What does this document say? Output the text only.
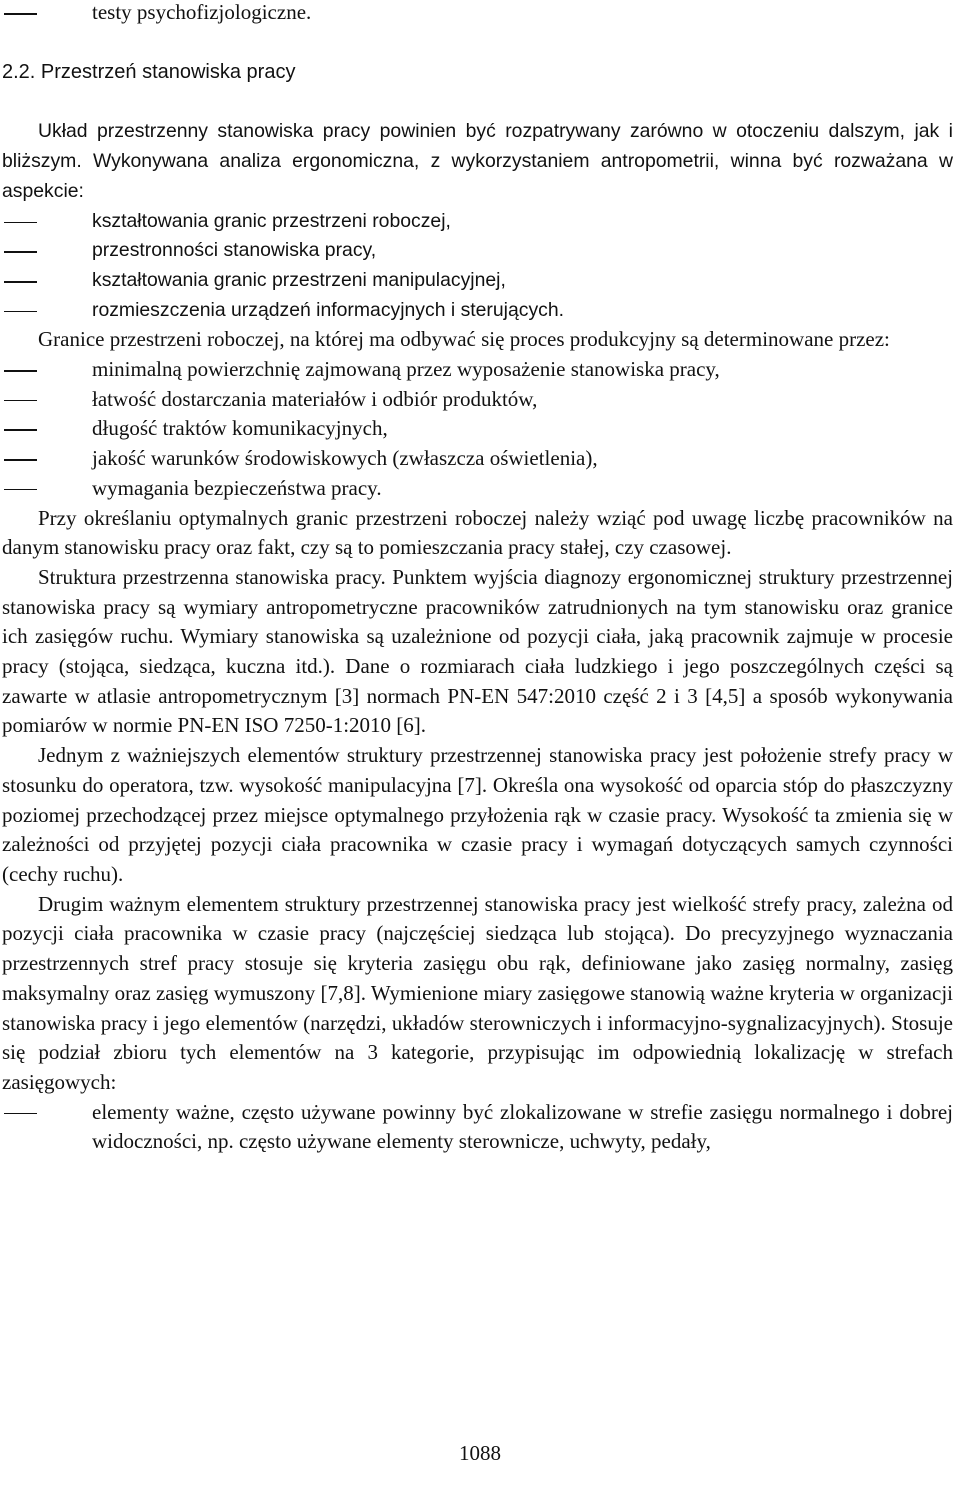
testy psychofizjologiczne.
2.2. Przestrzeń stanowiska pracy
Układ przestrzenny stanowiska pracy powinien być rozpatrywany zarówno w otoczeniu dalszym, jak i bliższym. Wykonywana analiza ergonomiczna, z wykorzystaniem antropometrii, winna być rozważana w aspekcie:
kształtowania granic przestrzeni roboczej,
przestronności stanowiska pracy,
kształtowania granic przestrzeni manipulacyjnej,
rozmieszczenia urządzeń informacyjnych i sterujących.
Granice przestrzeni roboczej, na której ma odbywać się proces produkcyjny są determinowane przez:
minimalną powierzchnię zajmowaną przez wyposażenie stanowiska pracy,
łatwość dostarczania materiałów i odbiór produktów,
długość traktów komunikacyjnych,
jakość warunków środowiskowych (zwłaszcza oświetlenia),
wymagania bezpieczeństwa pracy.
Przy określaniu optymalnych granic przestrzeni roboczej należy wziąć pod uwagę liczbę pracowników na danym stanowisku pracy oraz fakt, czy są to pomieszczania pracy stałej, czy czasowej.
Struktura przestrzenna stanowiska pracy. Punktem wyjścia diagnozy ergonomicznej struktury przestrzennej stanowiska pracy są wymiary antropometryczne pracowników zatrudnionych na tym stanowisku oraz granice ich zasięgów ruchu. Wymiary stanowiska są uzależnione od pozycji ciała, jaką pracownik zajmuje w procesie pracy (stojąca, siedząca, kuczna itd.). Dane o rozmiarach ciała ludzkiego i jego poszczególnych części są zawarte w atlasie antropometrycznym [3] normach PN-EN 547:2010 część 2 i 3 [4,5] a sposób wykonywania pomiarów w normie PN-EN ISO 7250-1:2010 [6].
Jednym z ważniejszych elementów struktury przestrzennej stanowiska pracy jest położenie strefy pracy w stosunku do operatora, tzw. wysokość manipulacyjna [7]. Określa ona wysokość od oparcia stóp do płaszczyzny poziomej przechodzącej przez miejsce optymalnego przyłożenia rąk w czasie pracy. Wysokość ta zmienia się w zależności od przyjętej pozycji ciała pracownika w czasie pracy i wymagań dotyczących samych czynności (cechy ruchu).
Drugim ważnym elementem struktury przestrzennej stanowiska pracy jest wielkość strefy pracy, zależna od pozycji ciała pracownika w czasie pracy (najczęściej siedząca lub stojąca). Do precyzyjnego wyznaczania przestrzennych stref pracy stosuje się kryteria zasięgu obu rąk, definiowane jako zasięg normalny, zasięg maksymalny oraz zasięg wymuszony [7,8]. Wymienione miary zasięgowe stanowią ważne kryteria w organizacji stanowiska pracy i jego elementów (narzędzi, układów sterowniczych i informacyjno-sygnalizacyjnych). Stosuje się podział zbioru tych elementów na 3 kategorie, przypisując im odpowiednią lokalizację w strefach zasięgowych:
elementy ważne, często używane powinny być zlokalizowane w strefie zasięgu normalnego i dobrej widoczności, np. często używane elementy sterownicze, uchwyty, pedały,
1088
